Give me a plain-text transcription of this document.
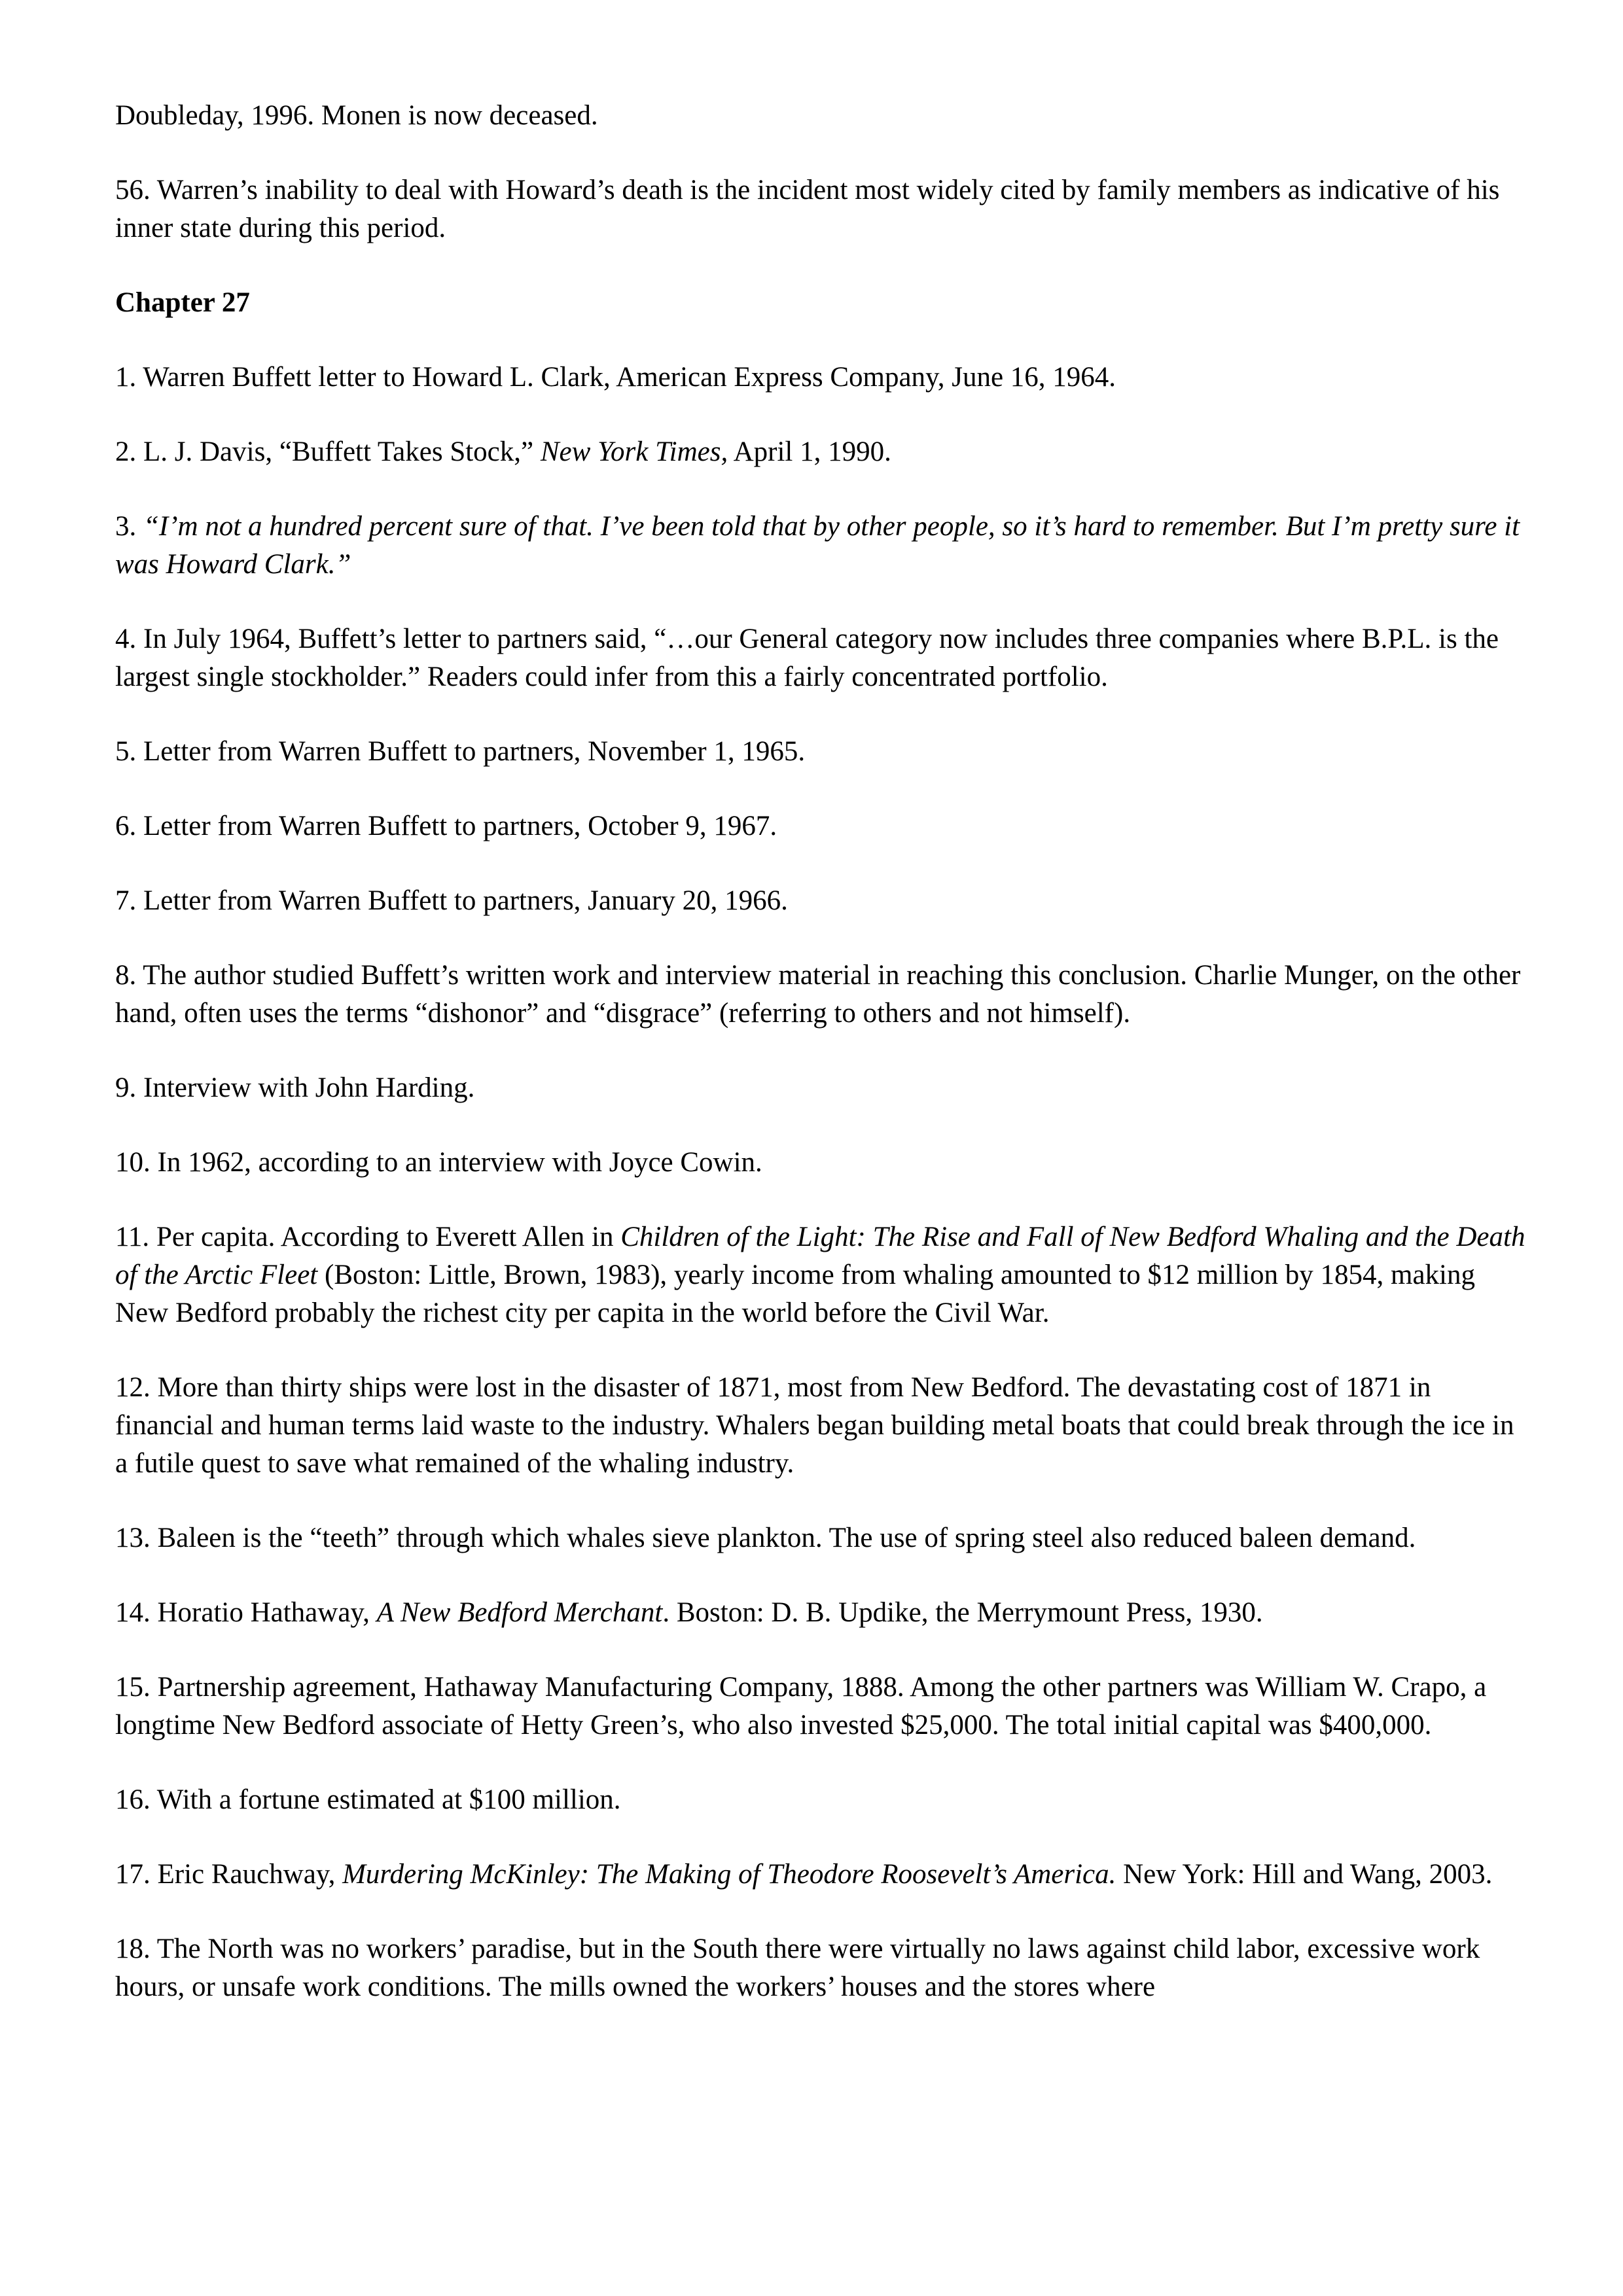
Doubleday, 1996. Monen is now deceased.

56. Warren’s inability to deal with Howard’s death is the incident most widely cited by family members as indicative of his inner state during this period.

Chapter 27

1. Warren Buffett letter to Howard L. Clark, American Express Company, June 16, 1964.

2. L. J. Davis, “Buffett Takes Stock,” New York Times, April 1, 1990.

3. “I’m not a hundred percent sure of that. I’ve been told that by other people, so it’s hard to remember. But I’m pretty sure it was Howard Clark.”

4. In July 1964, Buffett’s letter to partners said, “…our General category now includes three companies where B.P.L. is the largest single stockholder.” Readers could infer from this a fairly concentrated portfolio.

5. Letter from Warren Buffett to partners, November 1, 1965.

6. Letter from Warren Buffett to partners, October 9, 1967.

7. Letter from Warren Buffett to partners, January 20, 1966.

8. The author studied Buffett’s written work and interview material in reaching this conclusion. Charlie Munger, on the other hand, often uses the terms “dishonor” and “disgrace” (referring to others and not himself).

9. Interview with John Harding.

10. In 1962, according to an interview with Joyce Cowin.

11. Per capita. According to Everett Allen in Children of the Light: The Rise and Fall of New Bedford Whaling and the Death of the Arctic Fleet (Boston: Little, Brown, 1983), yearly income from whaling amounted to $12 million by 1854, making New Bedford probably the richest city per capita in the world before the Civil War.

12. More than thirty ships were lost in the disaster of 1871, most from New Bedford. The devastating cost of 1871 in financial and human terms laid waste to the industry. Whalers began building metal boats that could break through the ice in a futile quest to save what remained of the whaling industry.

13. Baleen is the “teeth” through which whales sieve plankton. The use of spring steel also reduced baleen demand.

14. Horatio Hathaway, A New Bedford Merchant. Boston: D. B. Updike, the Merrymount Press, 1930.

15. Partnership agreement, Hathaway Manufacturing Company, 1888. Among the other partners was William W. Crapo, a longtime New Bedford associate of Hetty Green’s, who also invested $25,000. The total initial capital was $400,000.

16. With a fortune estimated at $100 million.

17. Eric Rauchway, Murdering McKinley: The Making of Theodore Roosevelt’s America. New York: Hill and Wang, 2003.

18. The North was no workers’ paradise, but in the South there were virtually no laws against child labor, excessive work hours, or unsafe work conditions. The mills owned the workers’ houses and the stores where
